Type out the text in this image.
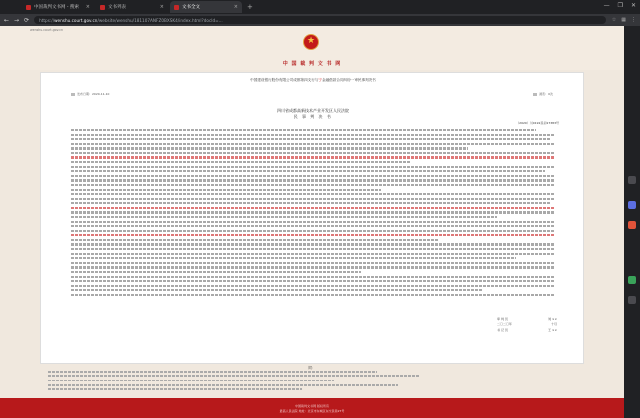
中国裁判文书网 - 搜索 ×	文书列表	×	文书全文	× +	— ❐ ✕
← → ⟳ https:// wenshu.court.gov.cn /website/wenshu/181107ANFZ0BXSK4/index.html?docId=...	☆ ▦ ⋮
wenshu.court.gov.cn
★
中 国 裁 判 文 书 网
中国建设银行股份有限公司成都第四支行与宁金融借款合同纠纷一审民事判决书
发布日期：2020-11-10	浏览：0次
四川省成都高新技术产业开发区人民法院
民 事 判 决 书
（2020）川0191民初17383号
审 判 员	刘 ××
二〇二〇年	十月
书 记 员	王 ××
附：
中国裁判文书网 版权所有
最高人民法院 地址：北京市东城区东交民巷27号
